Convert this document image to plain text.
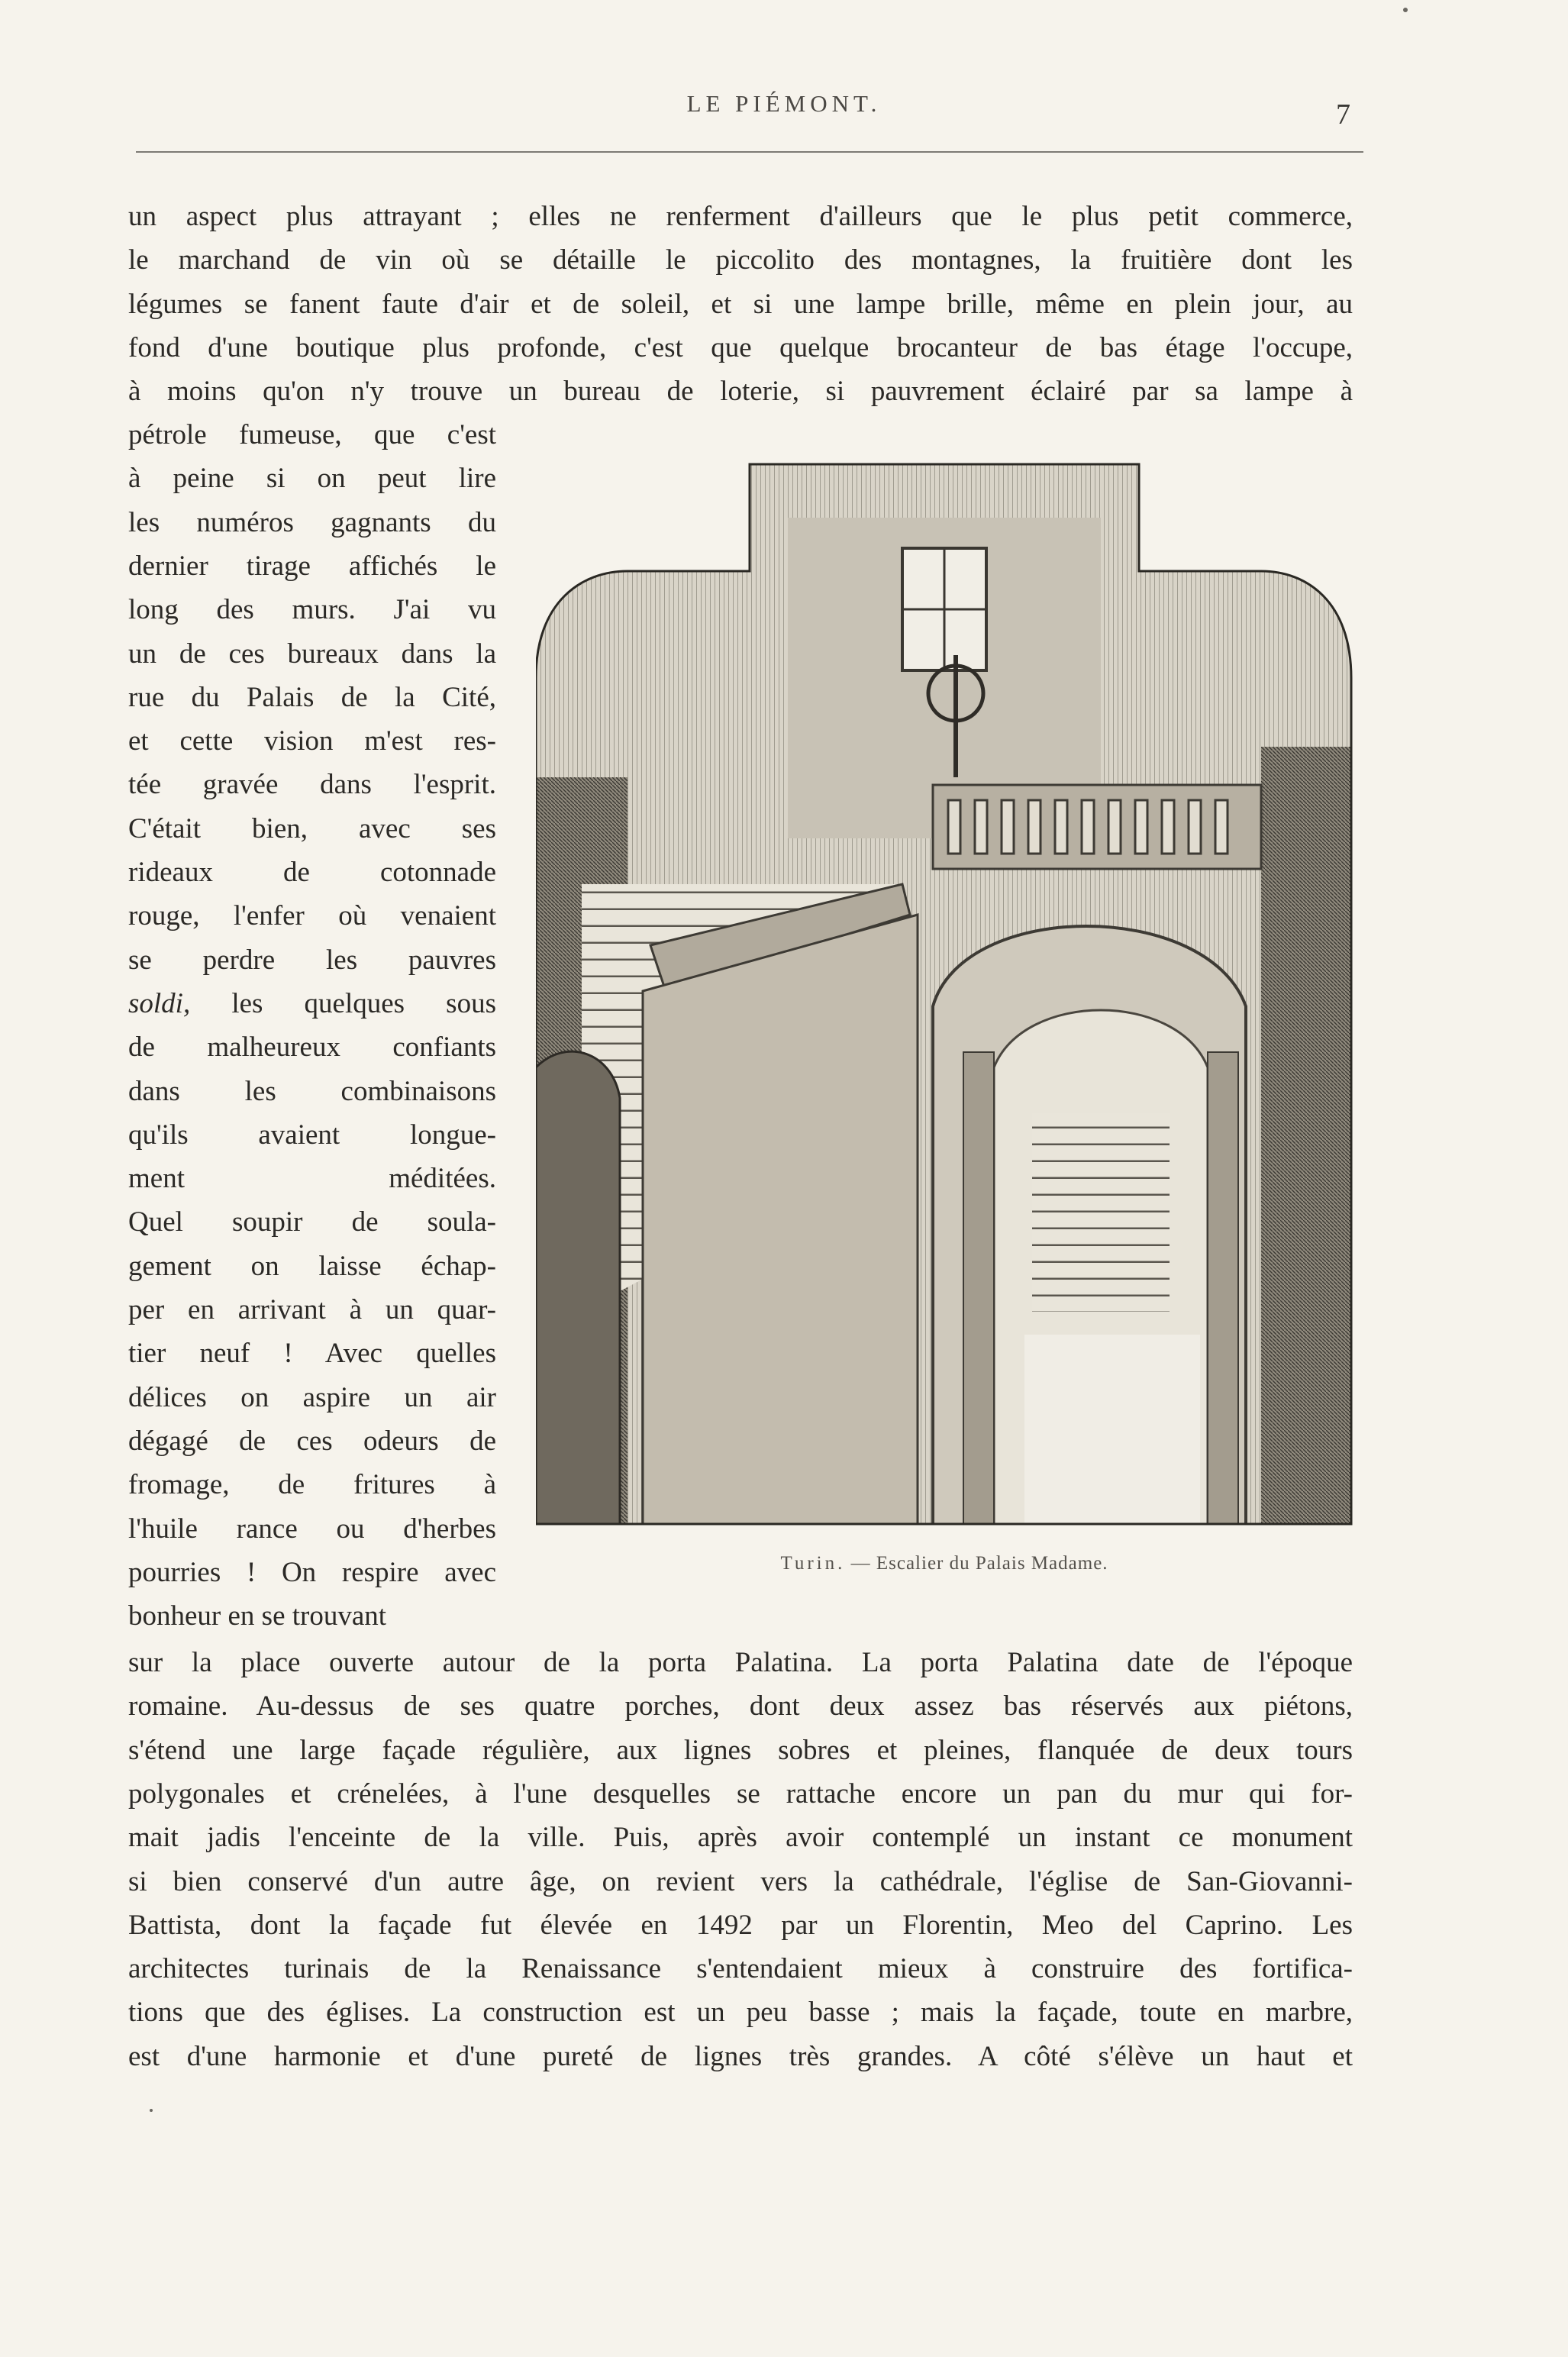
LE PIÉMONT.	7
un aspect plus attrayant ; elles ne renferment d'ailleurs que le plus petit commerce,
le marchand de vin où se détaille le piccolito des montagnes, la fruitière dont les
légumes se fanent faute d'air et de soleil, et si une lampe brille, même en plein jour, au
fond d'une boutique plus profonde, c'est que quelque brocanteur de bas étage l'occupe,
à moins qu'on n'y trouve un bureau de loterie, si pauvrement éclairé par sa lampe à
pétrole fumeuse, que c'est
à peine si on peut lire
les numéros gagnants du
dernier tirage affichés le
long des murs. J'ai vu
un de ces bureaux dans la
rue du Palais de la Cité,
et cette vision m'est res-
tée gravée dans l'esprit.
C'était bien, avec ses
rideaux de cotonnade
rouge, l'enfer où venaient
se perdre les pauvres
soldi, les quelques sous
de malheureux confiants
dans les combinaisons
qu'ils avaient longue-
ment méditées.
Quel soupir de soula-
gement on laisse échap-
per en arrivant à un quar-
tier neuf ! Avec quelles
délices on aspire un air
dégagé de ces odeurs de
fromage, de fritures à
l'huile rance ou d'herbes
pourries ! On respire avec
bonheur en se trouvant
sur la place ouverte autour de la porta Palatina. La porta Palatina date de l'époque
romaine. Au-dessus de ses quatre porches, dont deux assez bas réservés aux piétons,
s'étend une large façade régulière, aux lignes sobres et pleines, flanquée de deux tours
polygonales et crénelées, à l'une desquelles se rattache encore un pan du mur qui for-
mait jadis l'enceinte de la ville. Puis, après avoir contemplé un instant ce monument
si bien conservé d'un autre âge, on revient vers la cathédrale, l'église de San-Giovanni-
Battista, dont la façade fut élevée en 1492 par un Florentin, Meo del Caprino. Les
architectes turinais de la Renaissance s'entendaient mieux à construire des fortifica-
tions que des églises. La construction est un peu basse ; mais la façade, toute en marbre,
est d'une harmonie et d'une pureté de lignes très grandes. A côté s'élève un haut et
Turin. — Escalier du Palais Madame.
